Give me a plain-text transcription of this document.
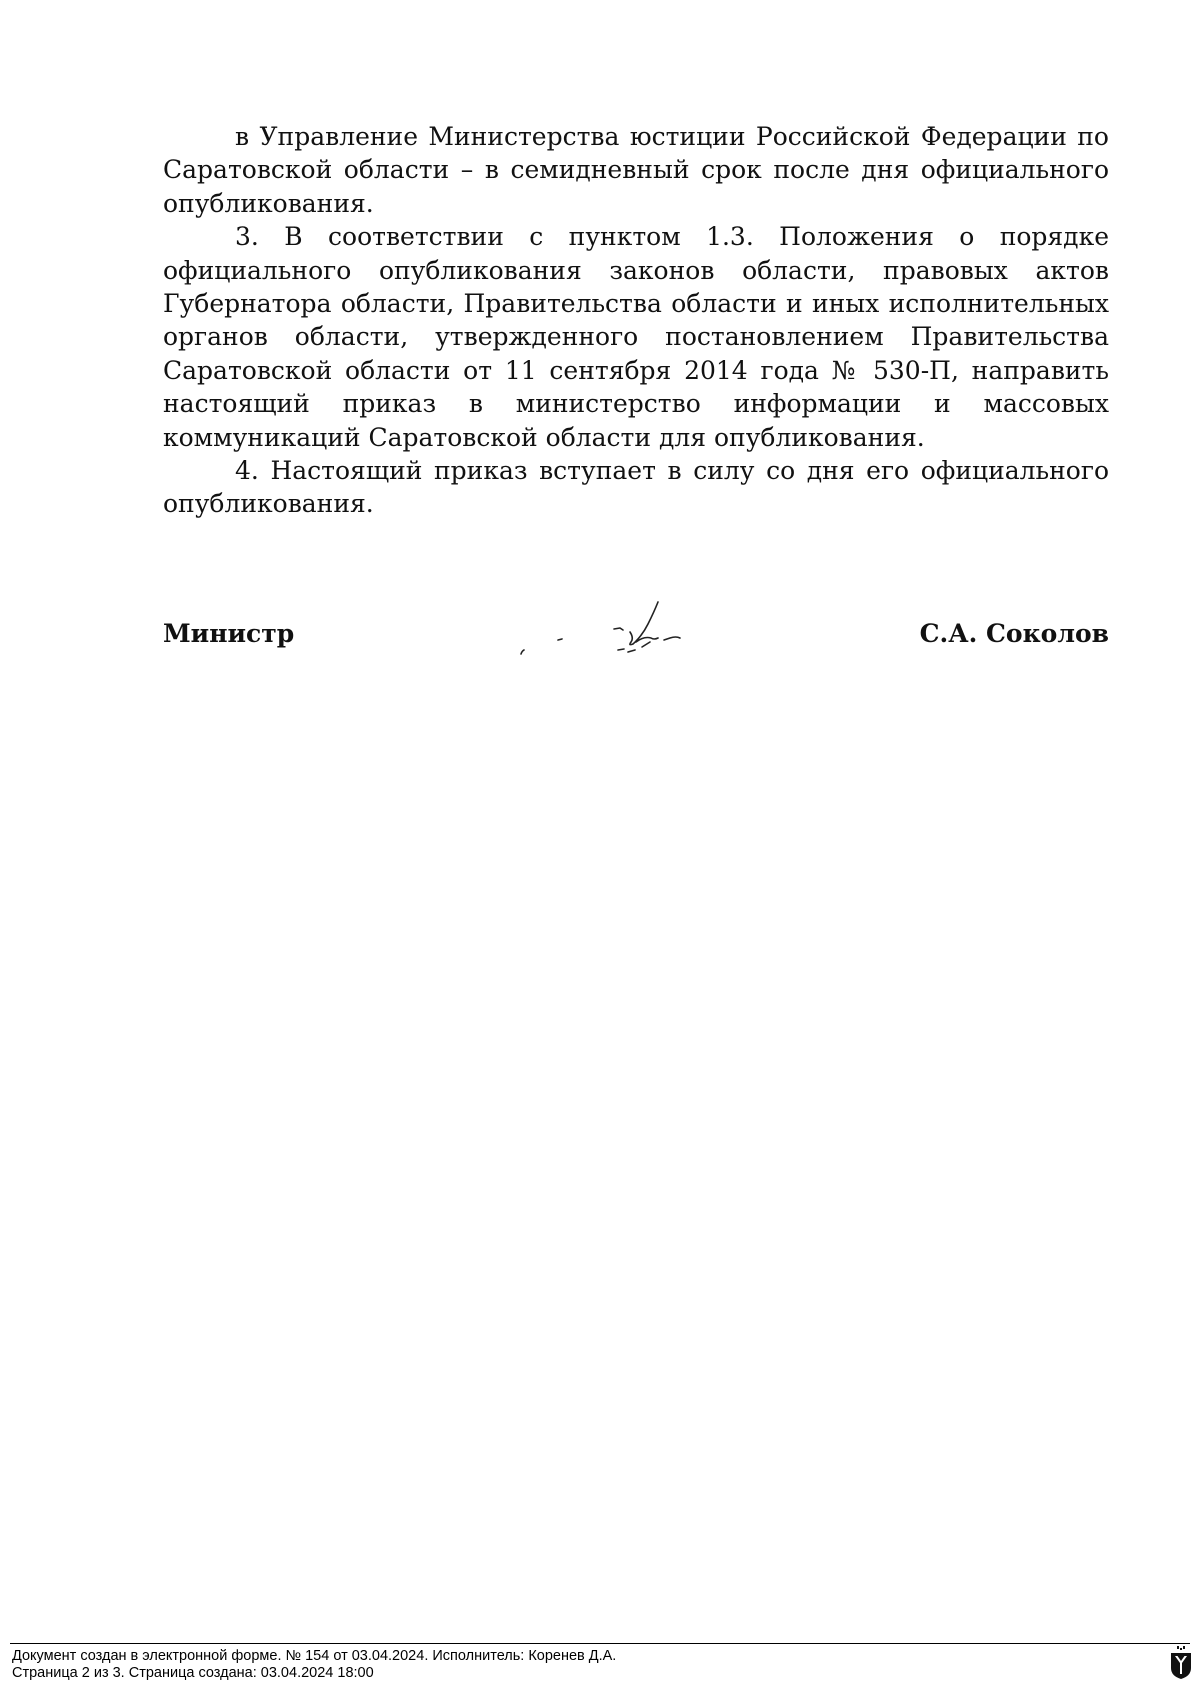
в Управление Министерства юстиции Российской Федерации по Саратовской области – в семидневный срок после дня официального опубликования.

3. В соответствии с пунктом 1.3. Положения о порядке официального опубликования законов области, правовых актов Губернатора области, Правительства области и иных исполнительных органов области, утвержденного постановлением Правительства Саратовской области от 11 сентября 2014 года № 530-П, направить настоящий приказ в министерство информации и массовых коммуникаций Саратовской области для опубликования.

4. Настоящий приказ вступает в силу со дня его официального опубликования.

Министр	С.А. Соколов
Документ создан в электронной форме. № 154 от 03.04.2024. Исполнитель: Коренев Д.А.
Страница 2 из 3. Страница создана: 03.04.2024 18:00
